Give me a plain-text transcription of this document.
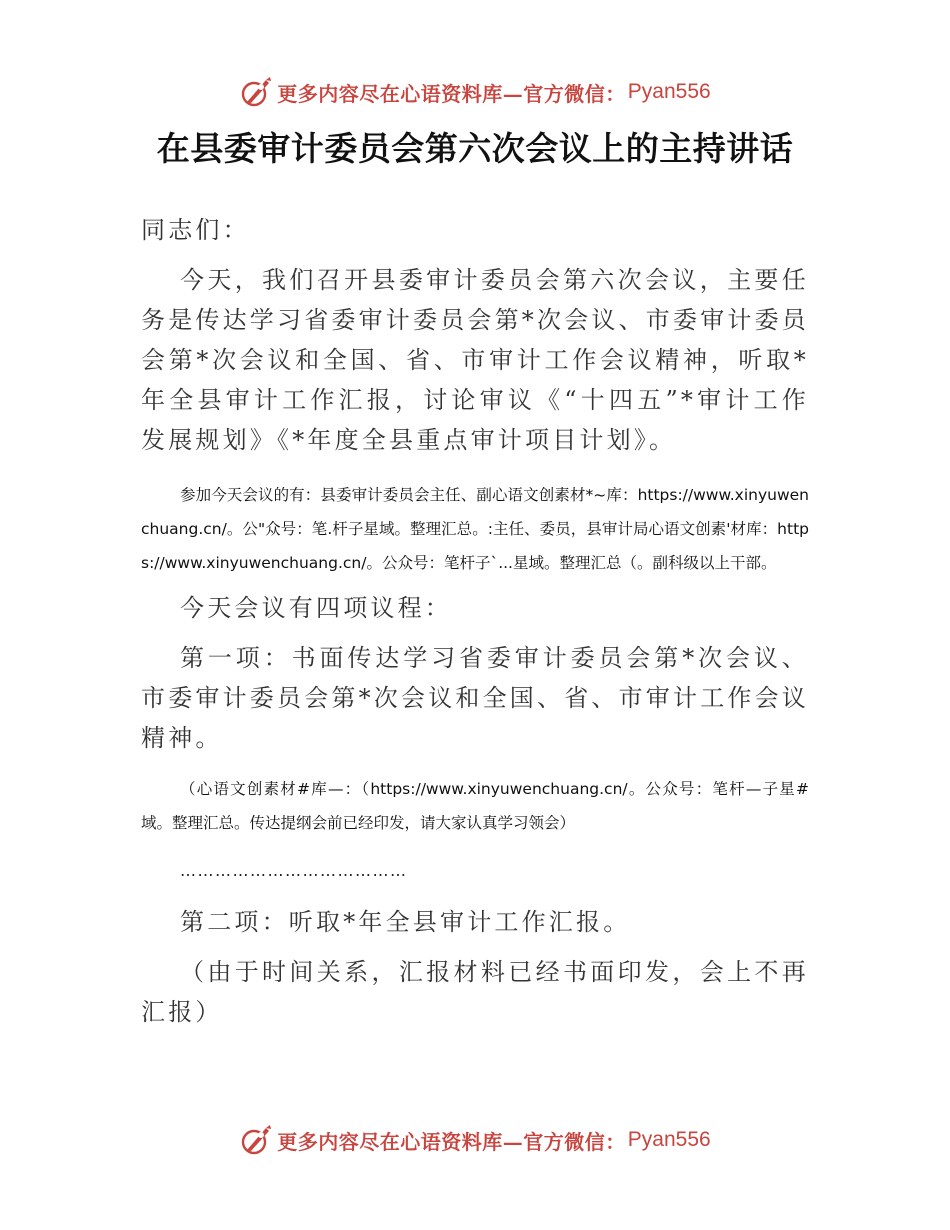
更多内容尽在心语资料库—官方微信： Pyan556
在县委审计委员会第六次会议上的主持讲话

同志们：

今天，我们召开县委审计委员会第六次会议，主要任务是传达学习省委审计委员会第*次会议、市委审计委员会第*次会议和全国、省、市审计工作会议精神，听取*年全县审计工作汇报，讨论审议《“十四五”*审计工作发展规划》《*年度全县重点审计项目计划》。

参加今天会议的有：县委审计委员会主任、副心语文创素材*~库：https://www.xinyuwenchuang.cn/。公"众号：笔.杆子星域。整理汇总。:主任、委员，县审计局心语文创素'材库：https://www.xinyuwenchuang.cn/。公众号：笔杆子`...星域。整理汇总（。副科级以上干部。

今天会议有四项议程：

第一项：书面传达学习省委审计委员会第*次会议、市委审计委员会第*次会议和全国、省、市审计工作会议精神。

（心语文创素材#库—：（https://www.xinyuwenchuang.cn/。公众号：笔杆—子星#域。整理汇总。传达提纲会前已经印发，请大家认真学习领会）

…………………………………

第二项：听取*年全县审计工作汇报。

（由于时间关系，汇报材料已经书面印发，会上不再汇报）

更多内容尽在心语资料库—官方微信： Pyan556
